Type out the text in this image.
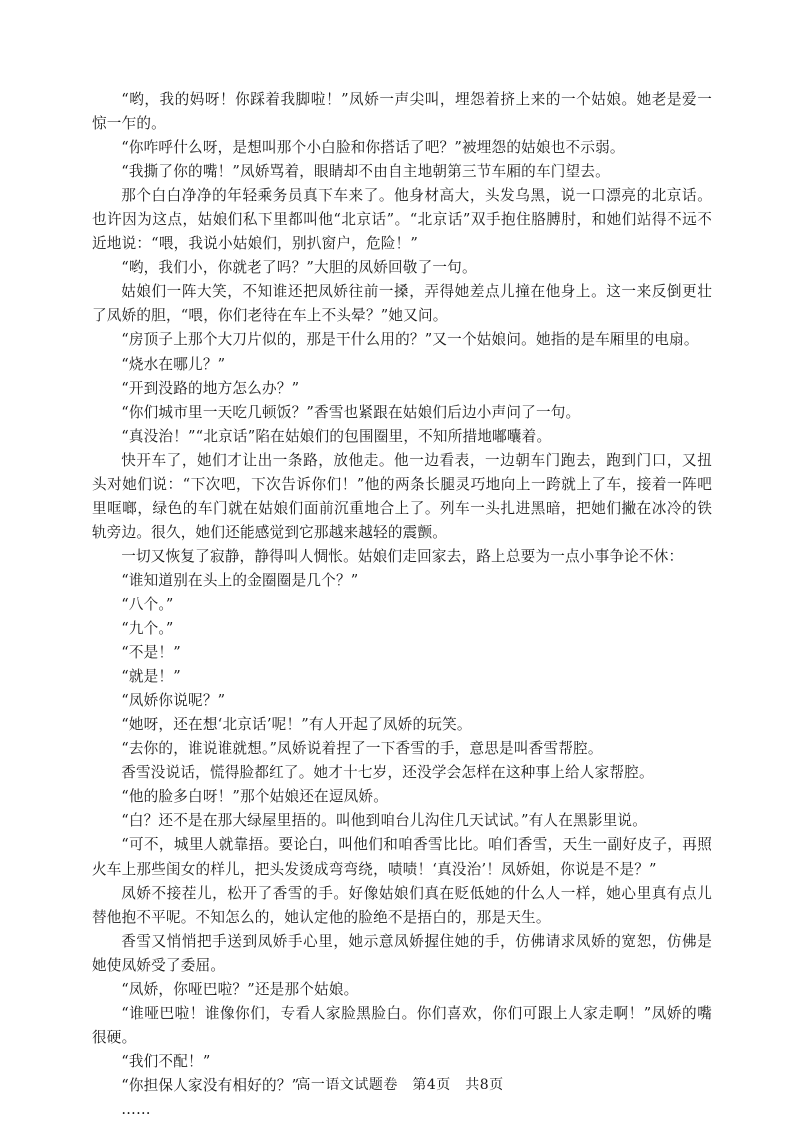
“哟，我的妈呀！你踩着我脚啦！”凤娇一声尖叫，埋怨着挤上来的一个姑娘。她老是爱一惊一乍的。

“你咋呼什么呀，是想叫那个小白脸和你搭话了吧？”被埋怨的姑娘也不示弱。

“我撕了你的嘴！”凤娇骂着，眼睛却不由自主地朝第三节车厢的车门望去。

那个白白净净的年轻乘务员真下车来了。他身材高大，头发乌黑，说一口漂亮的北京话。也许因为这点，姑娘们私下里都叫他“北京话”。“北京话”双手抱住胳膊肘，和她们站得不远不近地说：“喂，我说小姑娘们，别扒窗户，危险！”

“哟，我们小，你就老了吗？”大胆的凤娇回敬了一句。

姑娘们一阵大笑，不知谁还把凤娇往前一搡，弄得她差点儿撞在他身上。这一来反倒更壮了凤娇的胆，“喂，你们老待在车上不头晕？”她又问。

“房顶子上那个大刀片似的，那是干什么用的？”又一个姑娘问。她指的是车厢里的电扇。

“烧水在哪儿？”

“开到没路的地方怎么办？”

“你们城市里一天吃几顿饭？”香雪也紧跟在姑娘们后边小声问了一句。

“真没治！”“北京话”陷在姑娘们的包围圈里，不知所措地嘟囔着。

快开车了，她们才让出一条路，放他走。他一边看表，一边朝车门跑去，跑到门口，又扭头对她们说：“下次吧，下次告诉你们！”他的两条长腿灵巧地向上一跨就上了车，接着一阵吧里哐啷，绿色的车门就在姑娘们面前沉重地合上了。列车一头扎进黑暗，把她们撇在冰冷的铁轨旁边。很久，她们还能感觉到它那越来越轻的震颤。

一切又恢复了寂静，静得叫人惆怅。姑娘们走回家去，路上总要为一点小事争论不休：

“谁知道别在头上的金圈圈是几个？”

“八个。”

“九个。”

“不是！”

“就是！”

“凤娇你说呢？”

“她呀，还在想‘北京话’呢！”有人开起了凤娇的玩笑。

“去你的，谁说谁就想。”凤娇说着捏了一下香雪的手，意思是叫香雪帮腔。

香雪没说话，慌得脸都红了。她才十七岁，还没学会怎样在这种事上给人家帮腔。

“他的脸多白呀！”那个姑娘还在逗凤娇。

“白？还不是在那大绿屋里捂的。叫他到咱台儿沟住几天试试。”有人在黑影里说。

“可不，城里人就靠捂。要论白，叫他们和咱香雪比比。咱们香雪，天生一副好皮子，再照火车上那些闺女的样儿，把头发烫成弯弯绕，啧啧！‘真没治’！凤娇姐，你说是不是？”

凤娇不接茬儿，松开了香雪的手。好像姑娘们真在贬低她的什么人一样，她心里真有点儿替他抱不平呢。不知怎么的，她认定他的脸绝不是捂白的，那是天生。

香雪又悄悄把手送到凤娇手心里，她示意凤娇握住她的手，仿佛请求凤娇的宽恕，仿佛是她使凤娇受了委屈。

“凤娇，你哑巴啦？”还是那个姑娘。

“谁哑巴啦！谁像你们，专看人家脸黑脸白。你们喜欢，你们可跟上人家走啊！”凤娇的嘴很硬。

“我们不配！”

“你担保人家没有相好的？”

……

高一语文试题卷　第4页　共8页
